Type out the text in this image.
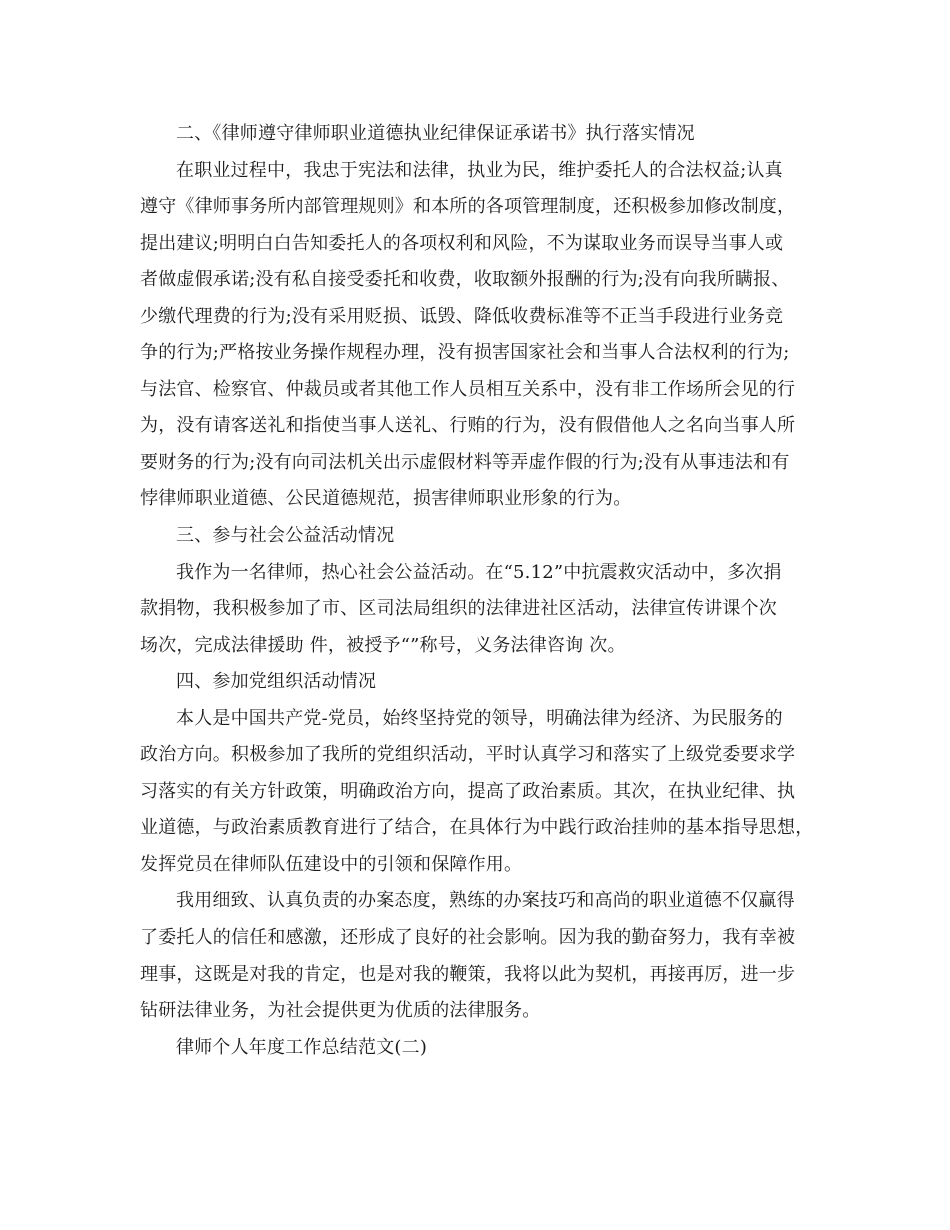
二、《律师遵守律师职业道德执业纪律保证承诺书》执行落实情况
在职业过程中，我忠于宪法和法律，执业为民，维护委托人的合法权益;认真
遵守《律师事务所内部管理规则》和本所的各项管理制度，还积极参加修改制度，
提出建议;明明白白告知委托人的各项权利和风险，不为谋取业务而误导当事人或
者做虚假承诺;没有私自接受委托和收费，收取额外报酬的行为;没有向我所瞒报、
少缴代理费的行为;没有采用贬损、诋毁、降低收费标准等不正当手段进行业务竞
争的行为;严格按业务操作规程办理，没有损害国家社会和当事人合法权利的行为;
与法官、检察官、仲裁员或者其他工作人员相互关系中，没有非工作场所会见的行
为，没有请客送礼和指使当事人送礼、行贿的行为，没有假借他人之名向当事人所
要财务的行为;没有向司法机关出示虚假材料等弄虚作假的行为;没有从事违法和有
悖律师职业道德、公民道德规范，损害律师职业形象的行为。
三、参与社会公益活动情况
我作为一名律师，热心社会公益活动。在“5.12”中抗震救灾活动中，多次捐
款捐物，我积极参加了市、区司法局组织的法律进社区活动，法律宣传讲课个次
场次，完成法律援助 件，被授予“”称号，义务法律咨询 次。
四、参加党组织活动情况
本人是中国共产党-党员，始终坚持党的领导，明确法律为经济、为民服务的
政治方向。积极参加了我所的党组织活动，平时认真学习和落实了上级党委要求学
习落实的有关方针政策，明确政治方向，提高了政治素质。其次，在执业纪律、执
业道德，与政治素质教育进行了结合，在具体行为中践行政治挂帅的基本指导思想，
发挥党员在律师队伍建设中的引领和保障作用。
我用细致、认真负责的办案态度，熟练的办案技巧和高尚的职业道德不仅赢得
了委托人的信任和感激，还形成了良好的社会影响。因为我的勤奋努力，我有幸被
理事，这既是对我的肯定，也是对我的鞭策，我将以此为契机，再接再厉，进一步
钻研法律业务，为社会提供更为优质的法律服务。
律师个人年度工作总结范文(二)
